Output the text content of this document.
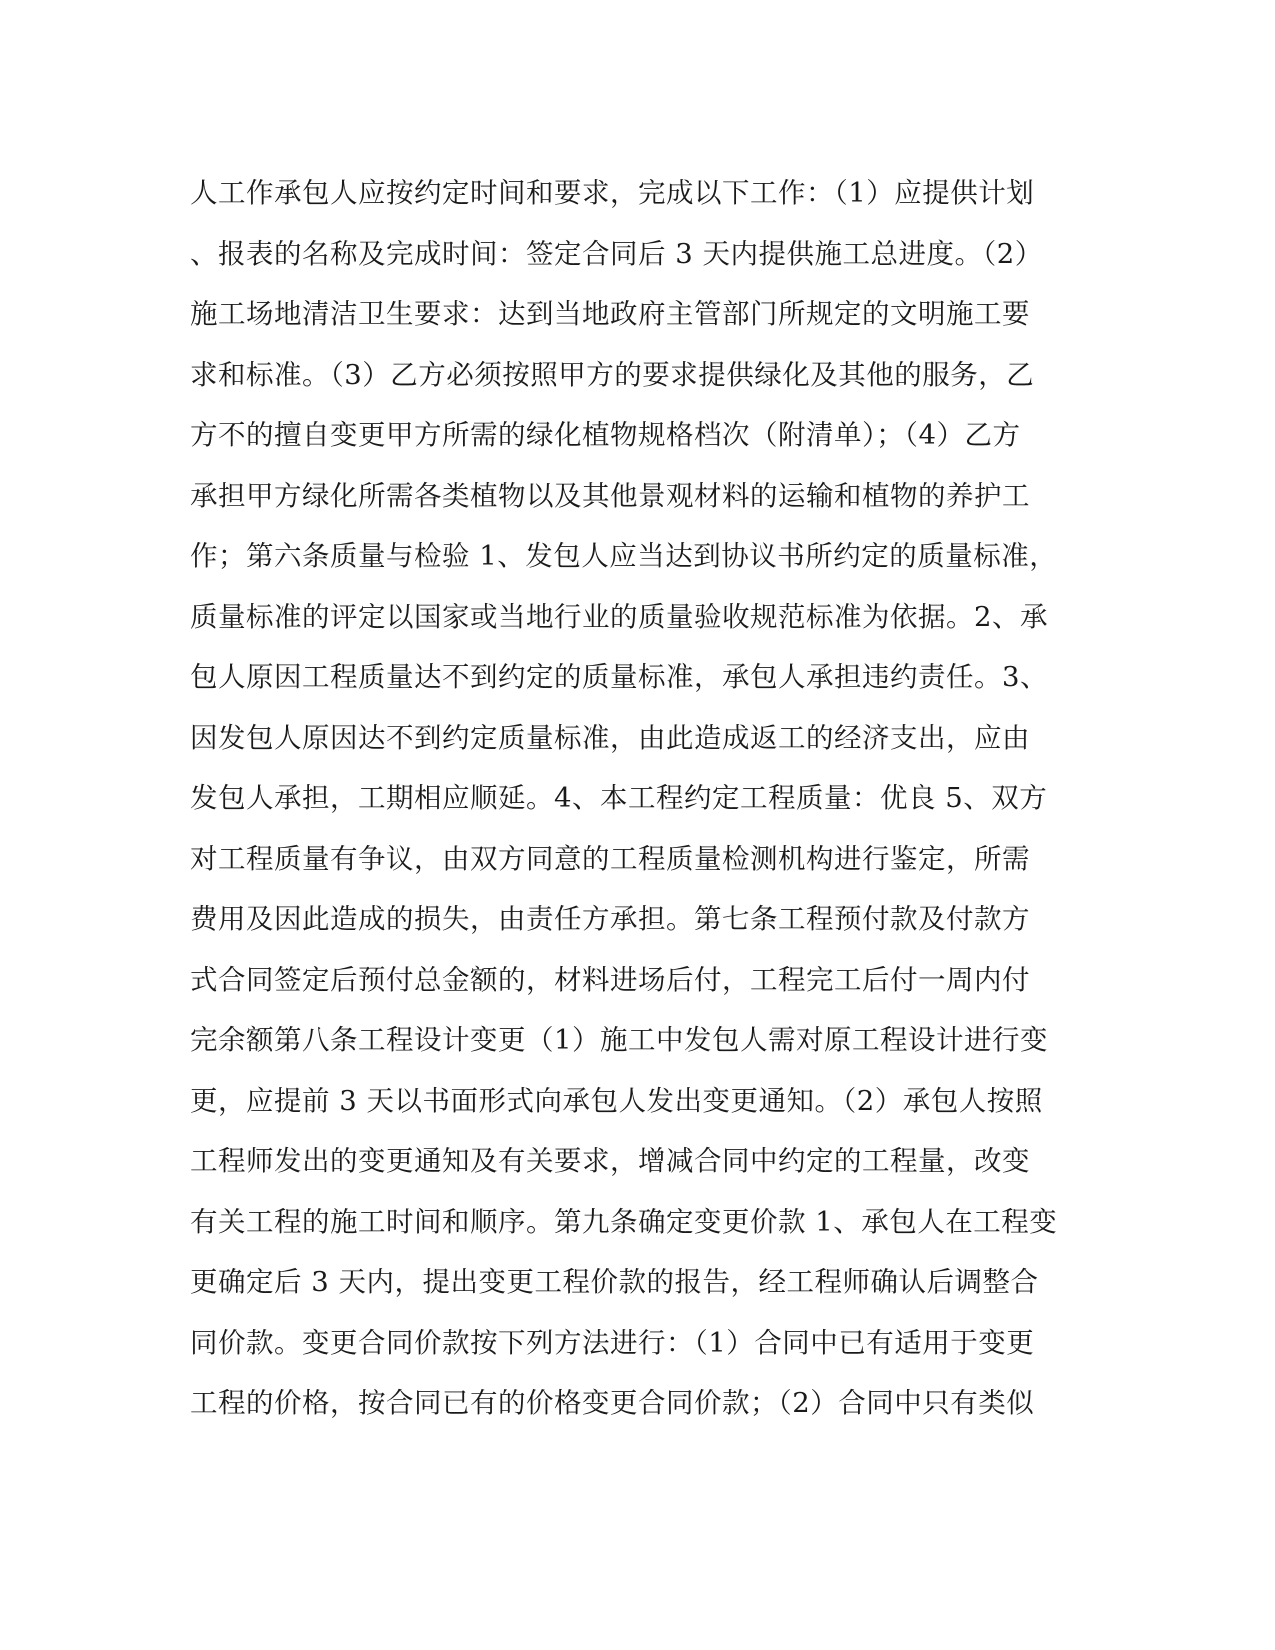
人工作承包人应按约定时间和要求，完成以下工作：（1）应提供计划
、报表的名称及完成时间：签定合同后 3 天内提供施工总进度。（2）
施工场地清洁卫生要求：达到当地政府主管部门所规定的文明施工要
求和标准。（3）乙方必须按照甲方的要求提供绿化及其他的服务，乙
方不的擅自变更甲方所需的绿化植物规格档次（附清单）；（4）乙方
承担甲方绿化所需各类植物以及其他景观材料的运输和植物的养护工
作；第六条质量与检验 1、发包人应当达到协议书所约定的质量标准，
质量标准的评定以国家或当地行业的质量验收规范标准为依据。2、承
包人原因工程质量达不到约定的质量标准，承包人承担违约责任。3、
因发包人原因达不到约定质量标准，由此造成返工的经济支出，应由
发包人承担，工期相应顺延。4、本工程约定工程质量：优良 5、双方
对工程质量有争议，由双方同意的工程质量检测机构进行鉴定，所需
费用及因此造成的损失，由责任方承担。第七条工程预付款及付款方
式合同签定后预付总金额的，材料进场后付，工程完工后付一周内付
完余额第八条工程设计变更（1）施工中发包人需对原工程设计进行变
更，应提前 3 天以书面形式向承包人发出变更通知。（2）承包人按照
工程师发出的变更通知及有关要求，增减合同中约定的工程量，改变
有关工程的施工时间和顺序。第九条确定变更价款 1、承包人在工程变
更确定后 3 天内，提出变更工程价款的报告，经工程师确认后调整合
同价款。变更合同价款按下列方法进行：（1）合同中已有适用于变更
工程的价格，按合同已有的价格变更合同价款；（2）合同中只有类似
